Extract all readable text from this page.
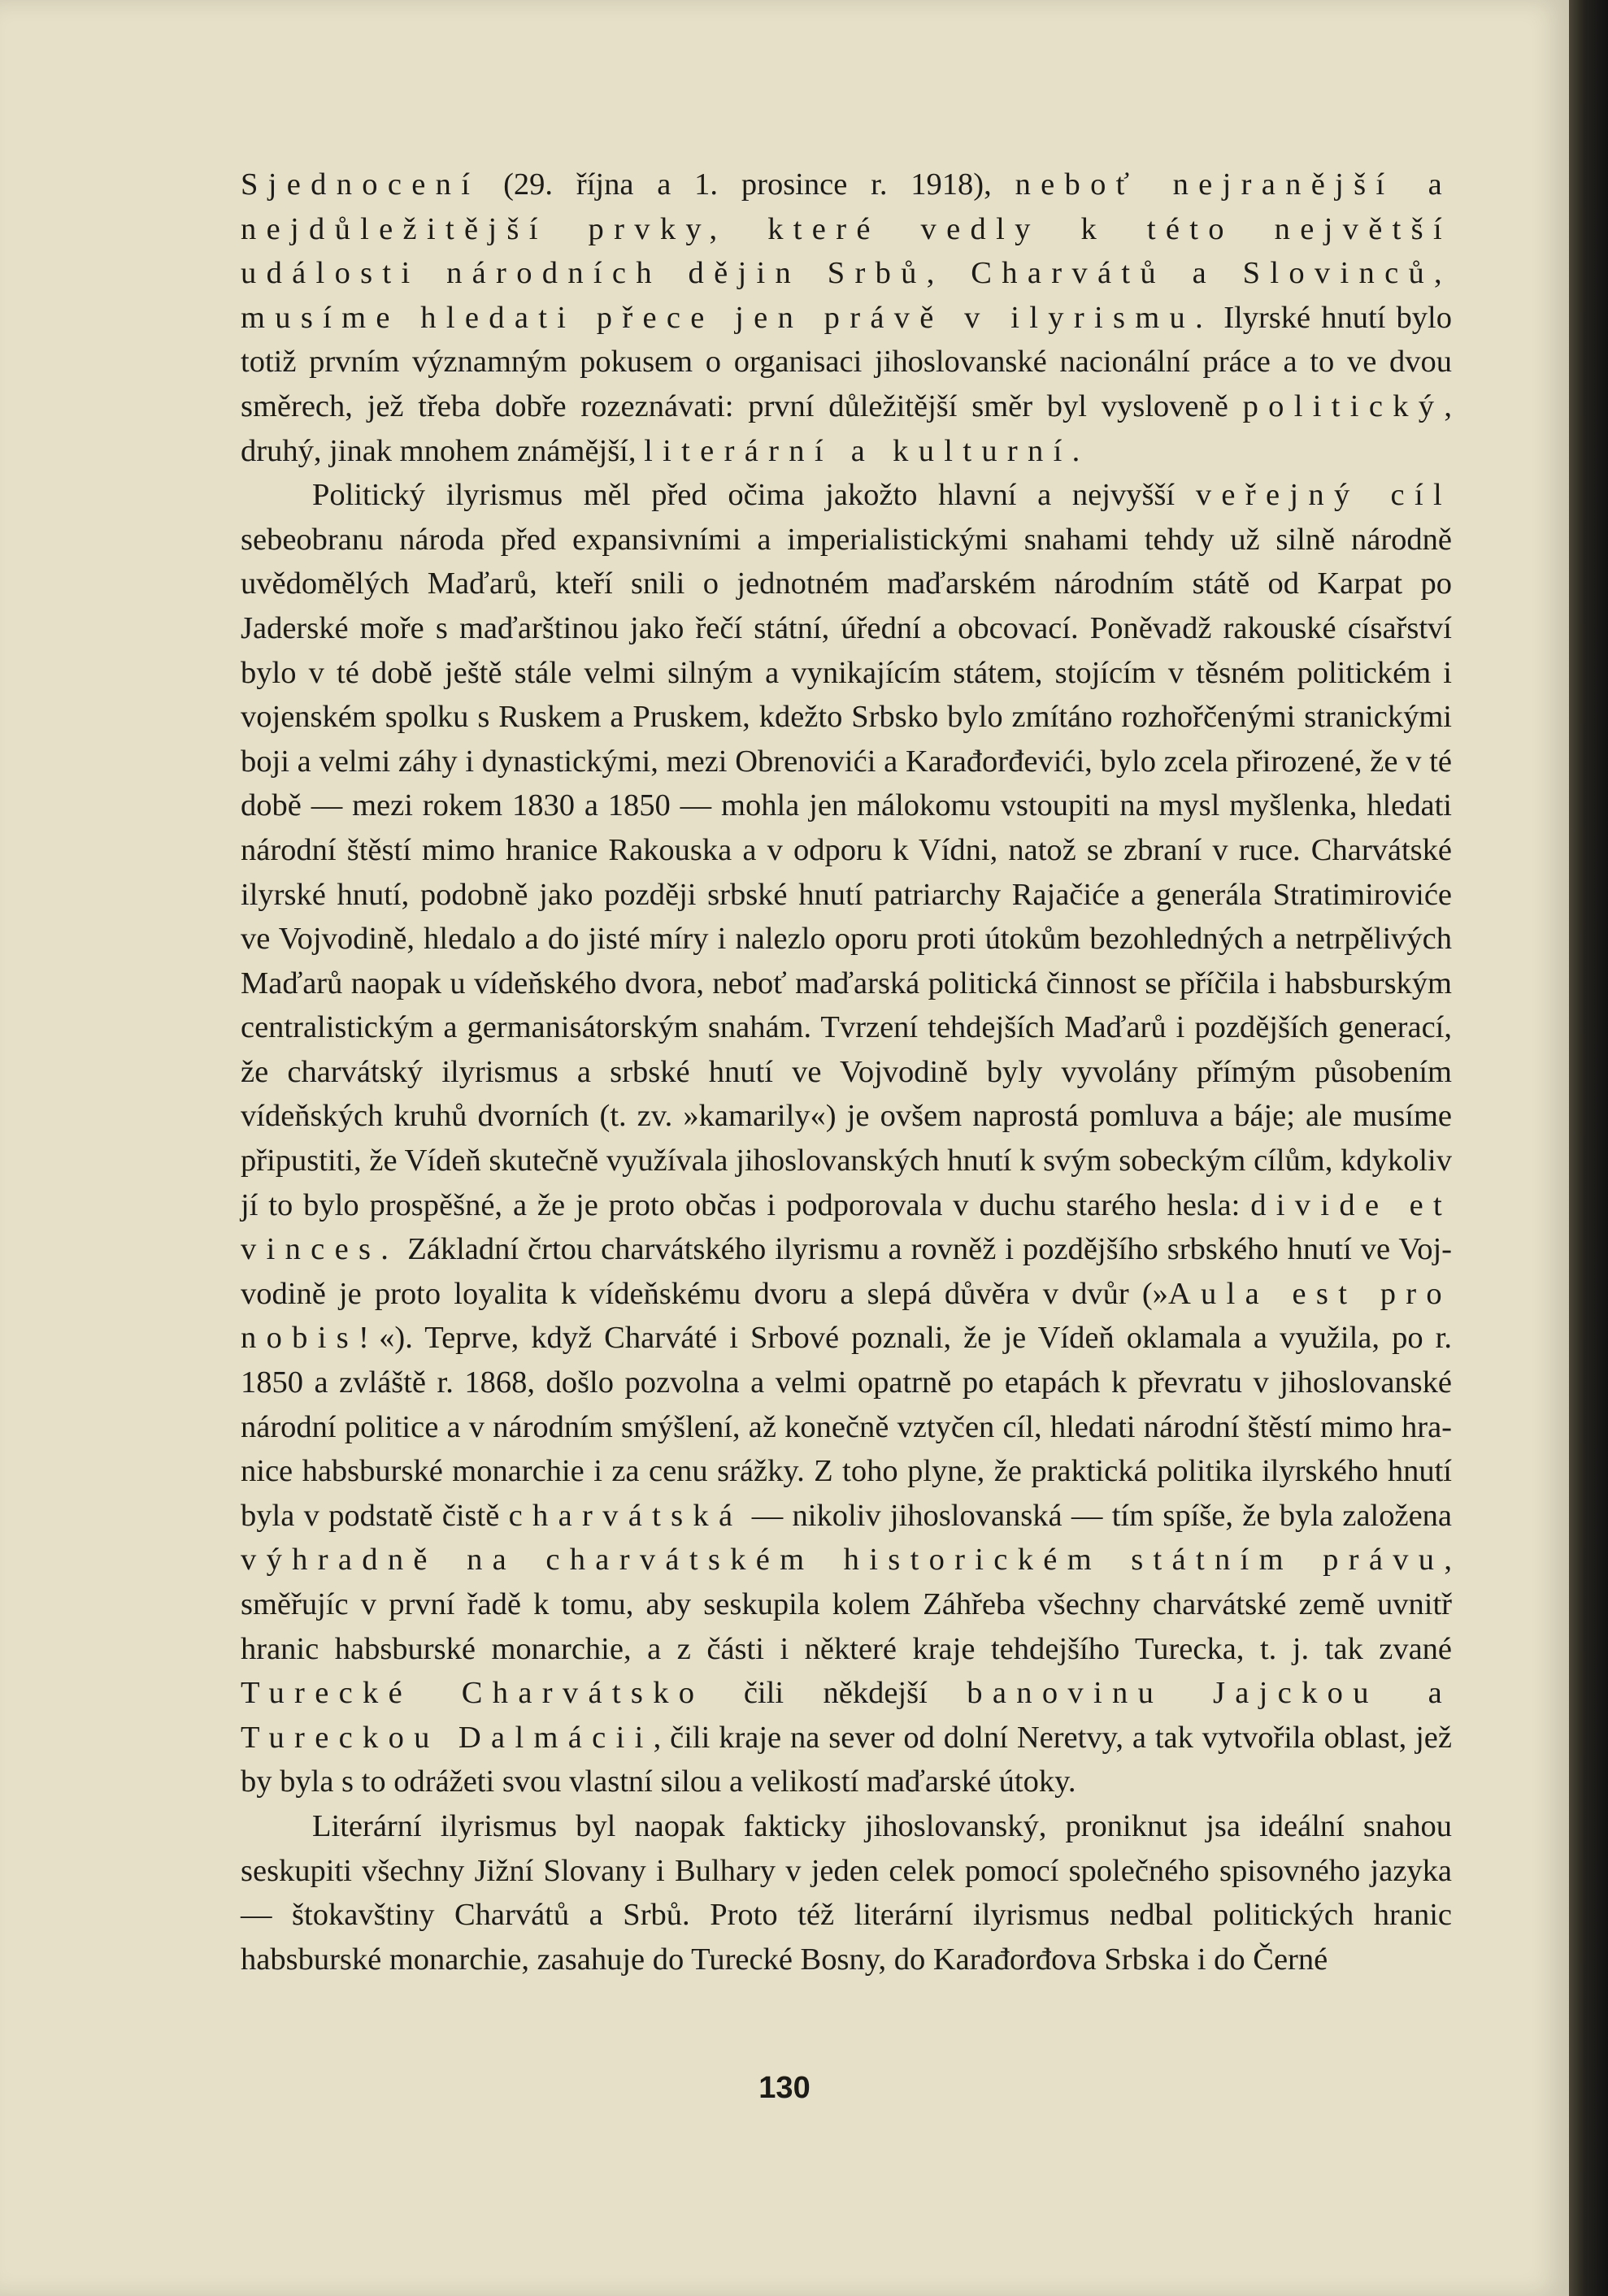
Sjednocení (29. října a 1. prosince r. 1918), neboť nejranější a nejdůležitější prvky, které vedly k této největší události národních dějin Srbů, Charvátů a Slovinců, musíme hledati přece jen právě v ilyrismu. Ilyrské hnutí bylo totiž prvním významným pokusem o organisaci jihoslovanské nacionální práce a to ve dvou směrech, jež třeba dobře rozeznávati: první důležitější směr byl vysloveně politický, druhý, jinak mnohem známější, literární a kulturní.

Politický ilyrismus měl před očima jakožto hlavní a nejvyšší veřejný cíl sebeobranu národa před expansivními a imperialistickými snahami tehdy už silně národně uvědomělých Maďarů, kteří snili o jednotném maďarském národním státě od Karpat po Jaderské moře s maďarštinou jako řečí státní, úřední a obcovací. Poněvadž rakouské císařství bylo v té době ještě stále velmi silným a vynikajícím státem, stojícím v těsném politickém i vojenském spolku s Ruskem a Pruskem, kdežto Srbsko bylo zmítáno rozhořčenými stranickými boji a velmi záhy i dynastickými, mezi Obrenovići a Karađorđevići, bylo zcela přirozené, že v té době — mezi rokem 1830 a 1850 — mohla jen málokomu vstoupiti na mysl myšlenka, hledati národní štěstí mimo hranice Rakouska a v odporu k Vídni, natož se zbraní v ruce. Charvátské ilyrské hnutí, podobně jako později srbské hnutí patriarchy Rajačiće a generála Stratimiroviće ve Vojvodině, hledalo a do jisté míry i nalezlo oporu proti útokům bezohledných a netrpělivých Maďarů naopak u vídeňského dvora, neboť maďarská politická činnost se příčila i habsburským centralistickým a germanisátorským snahám. Tvrzení tehdejších Maďarů i pozdějších generací, že charvátský ilyrismus a srbské hnutí ve Vojvodině byly vyvolány přímým působením vídeňských kruhů dvorních (t. zv. »kamarily«) je ovšem naprostá pomluva a báje; ale musíme připustiti, že Vídeň skutečně využívala jihoslovanských hnutí k svým sobeckým cílům, kdykoliv jí to bylo prospěšné, a že je proto občas i podporovala v duchu starého hesla: divide et vinces. Základní črtou charvátského ilyrismu a rovněž i pozdějšího srbského hnutí ve Vojvodině je proto loyalita k vídeňskému dvoru a slepá důvěra v dvůr (»Aula est pro nobis!«). Teprve, když Charváté i Srbové poznali, že je Vídeň oklamala a využila, po r. 1850 a zvláště r. 1868, došlo pozvolna a velmi opatrně po etapách k převratu v jihoslovanské národní politice a v národním smýšlení, až konečně vztyčen cíl, hledati národní štěstí mimo hranice habsburské monarchie i za cenu srážky. Z toho plyne, že praktická politika ilyrského hnutí byla v podstatě čistě charvátská — nikoliv jihoslovanská — tím spíše, že byla založena výhradně na charvátském historickém státním právu, směřujíc v první řadě k tomu, aby seskupila kolem Záhřeba všechny charvátské země uvnitř hranic habsburské monarchie, a z části i některé kraje tehdejšího Turecka, t. j. tak zvané Turecké Charvátsko čili někdejší banovinu Jajckou a Tureckou Dalmácii, čili kraje na sever od dolní Neretvy, a tak vytvořila oblast, jež by byla s to odrážeti svou vlastní silou a velikostí maďarské útoky.

Literární ilyrismus byl naopak fakticky jihoslovanský, proniknut jsa ideální snahou seskupiti všechny Jižní Slovany i Bulhary v jeden celek pomocí společného spisovného jazyka — štokavštiny Charvátů a Srbů. Proto též literární ilyrismus nedbal politických hranic habsburské monarchie, zasahuje do Turecké Bosny, do Karađorđova Srbska i do Černé

130
